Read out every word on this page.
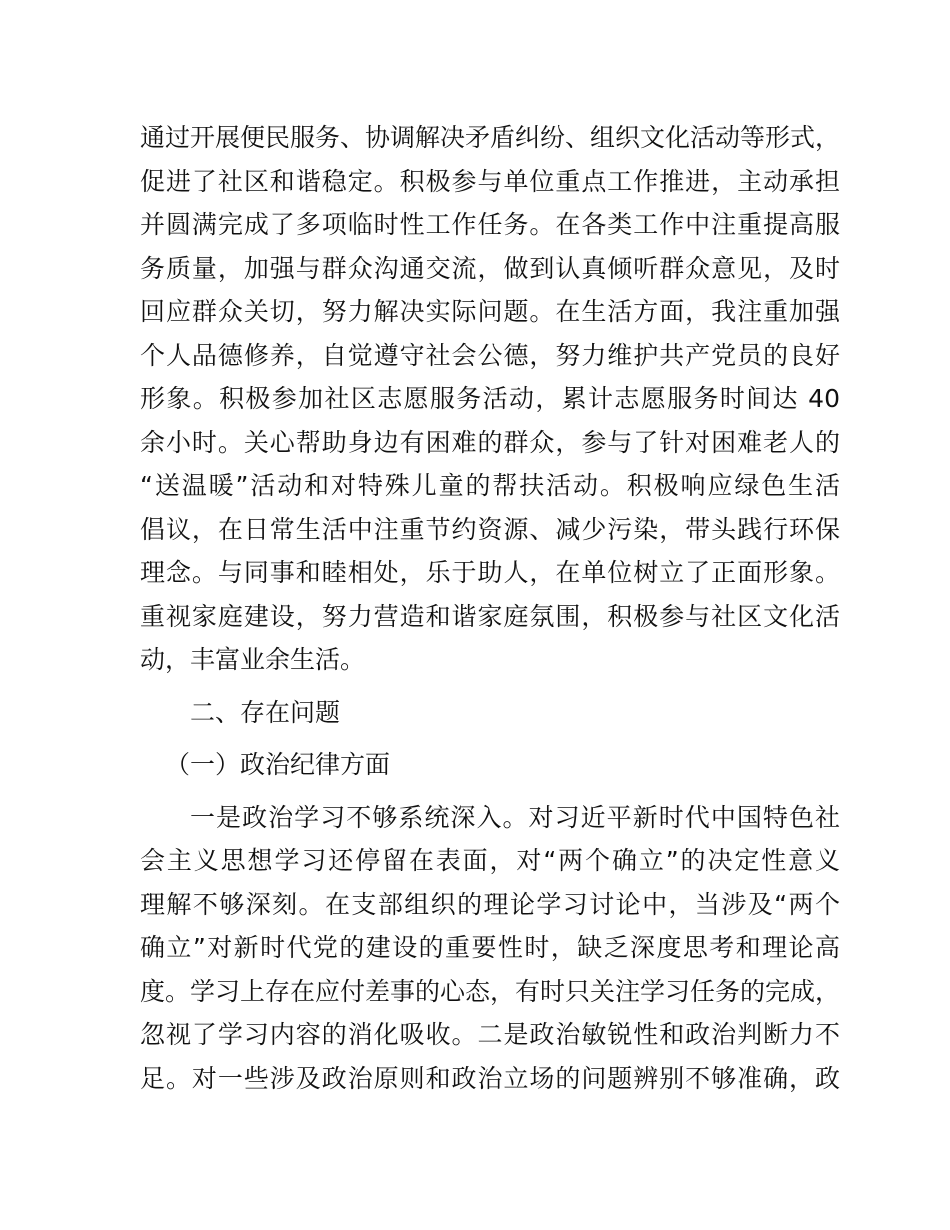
通过开展便民服务、协调解决矛盾纠纷、组织文化活动等形式，
促进了社区和谐稳定。积极参与单位重点工作推进，主动承担
并圆满完成了多项临时性工作任务。在各类工作中注重提高服
务质量，加强与群众沟通交流，做到认真倾听群众意见，及时
回应群众关切，努力解决实际问题。在生活方面，我注重加强
个人品德修养，自觉遵守社会公德，努力维护共产党员的良好
形象。积极参加社区志愿服务活动，累计志愿服务时间达 40
余小时。关心帮助身边有困难的群众，参与了针对困难老人的
“送温暖”活动和对特殊儿童的帮扶活动。积极响应绿色生活
倡议，在日常生活中注重节约资源、减少污染，带头践行环保
理念。与同事和睦相处，乐于助人，在单位树立了正面形象。
重视家庭建设，努力营造和谐家庭氛围，积极参与社区文化活
动，丰富业余生活。
二、存在问题
（一）政治纪律方面
一是政治学习不够系统深入。对习近平新时代中国特色社
会主义思想学习还停留在表面，对“两个确立”的决定性意义
理解不够深刻。在支部组织的理论学习讨论中，当涉及“两个
确立”对新时代党的建设的重要性时，缺乏深度思考和理论高
度。学习上存在应付差事的心态，有时只关注学习任务的完成，
忽视了学习内容的消化吸收。二是政治敏锐性和政治判断力不
足。对一些涉及政治原则和政治立场的问题辨别不够准确，政
